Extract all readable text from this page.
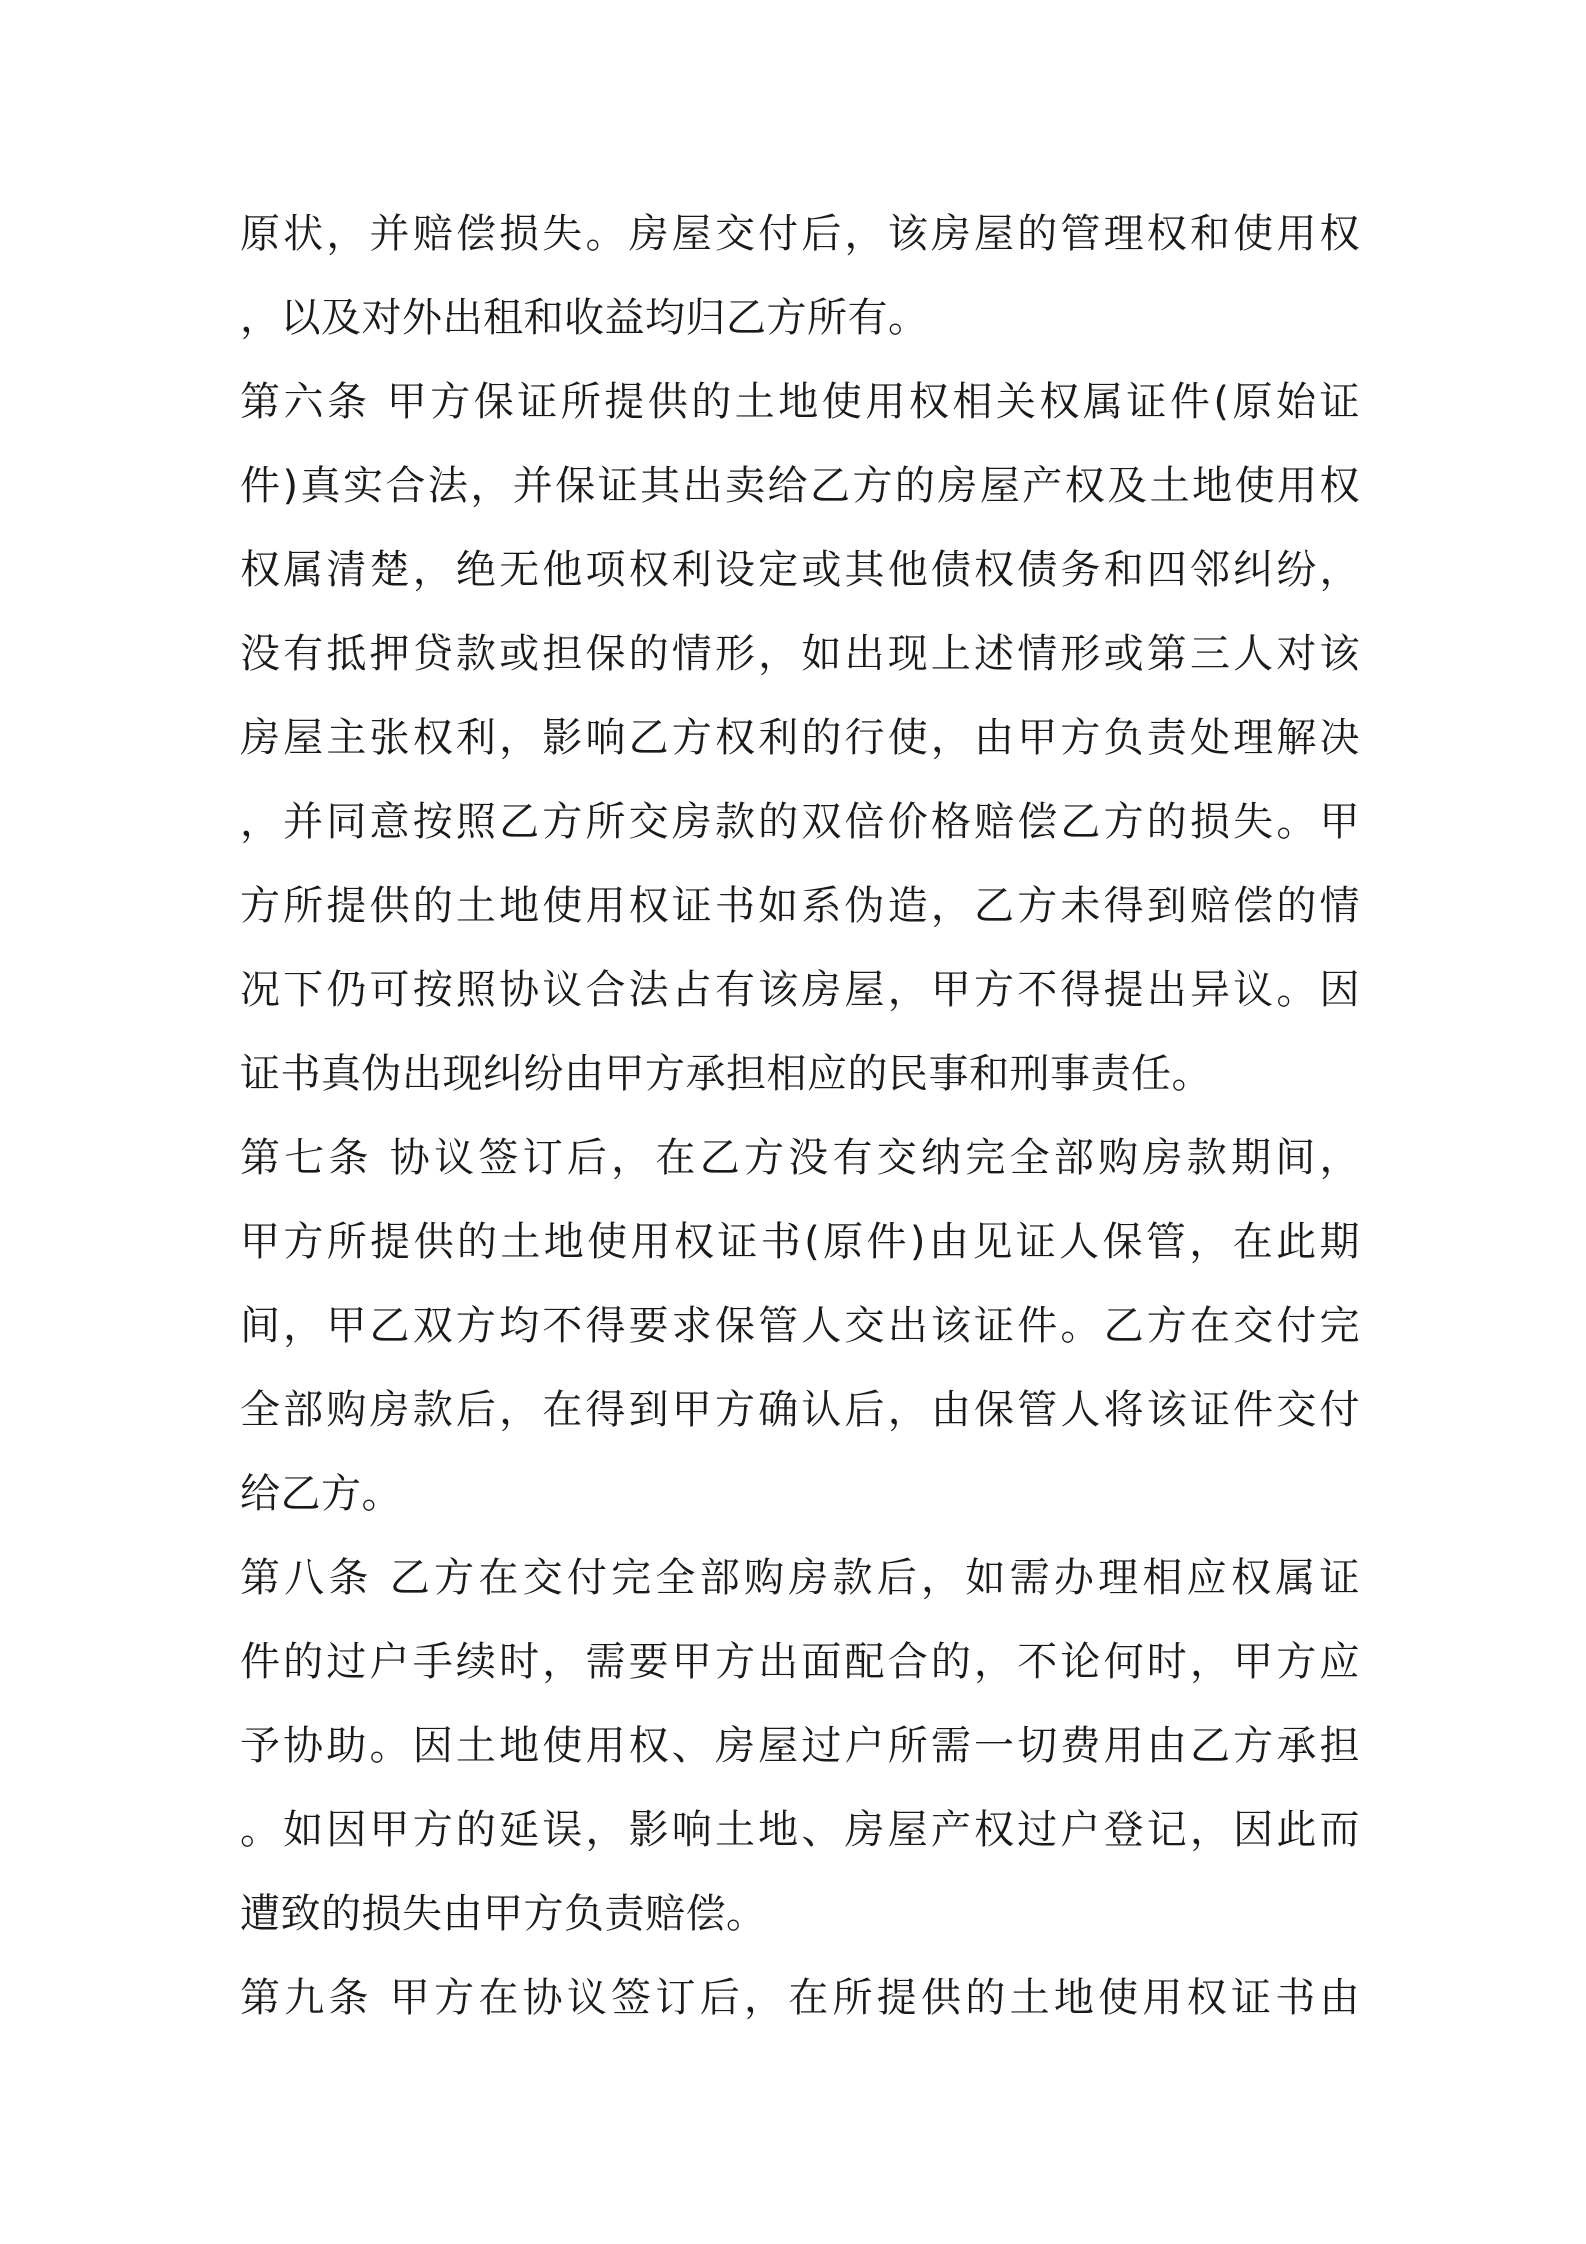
原状，并赔偿损失。房屋交付后，该房屋的管理权和使用权
，以及对外出租和收益均归乙方所有。
第六条 甲方保证所提供的土地使用权相关权属证件(原始证
件)真实合法，并保证其出卖给乙方的房屋产权及土地使用权
权属清楚，绝无他项权利设定或其他债权债务和四邻纠纷，
没有抵押贷款或担保的情形，如出现上述情形或第三人对该
房屋主张权利，影响乙方权利的行使，由甲方负责处理解决
，并同意按照乙方所交房款的双倍价格赔偿乙方的损失。甲
方所提供的土地使用权证书如系伪造，乙方未得到赔偿的情
况下仍可按照协议合法占有该房屋，甲方不得提出异议。因
证书真伪出现纠纷由甲方承担相应的民事和刑事责任。
第七条 协议签订后，在乙方没有交纳完全部购房款期间，
甲方所提供的土地使用权证书(原件)由见证人保管，在此期
间，甲乙双方均不得要求保管人交出该证件。乙方在交付完
全部购房款后，在得到甲方确认后，由保管人将该证件交付
给乙方。
第八条 乙方在交付完全部购房款后，如需办理相应权属证
件的过户手续时，需要甲方出面配合的，不论何时，甲方应
予协助。因土地使用权、房屋过户所需一切费用由乙方承担
。如因甲方的延误，影响土地、房屋产权过户登记，因此而
遭致的损失由甲方负责赔偿。
第九条 甲方在协议签订后，在所提供的土地使用权证书由
